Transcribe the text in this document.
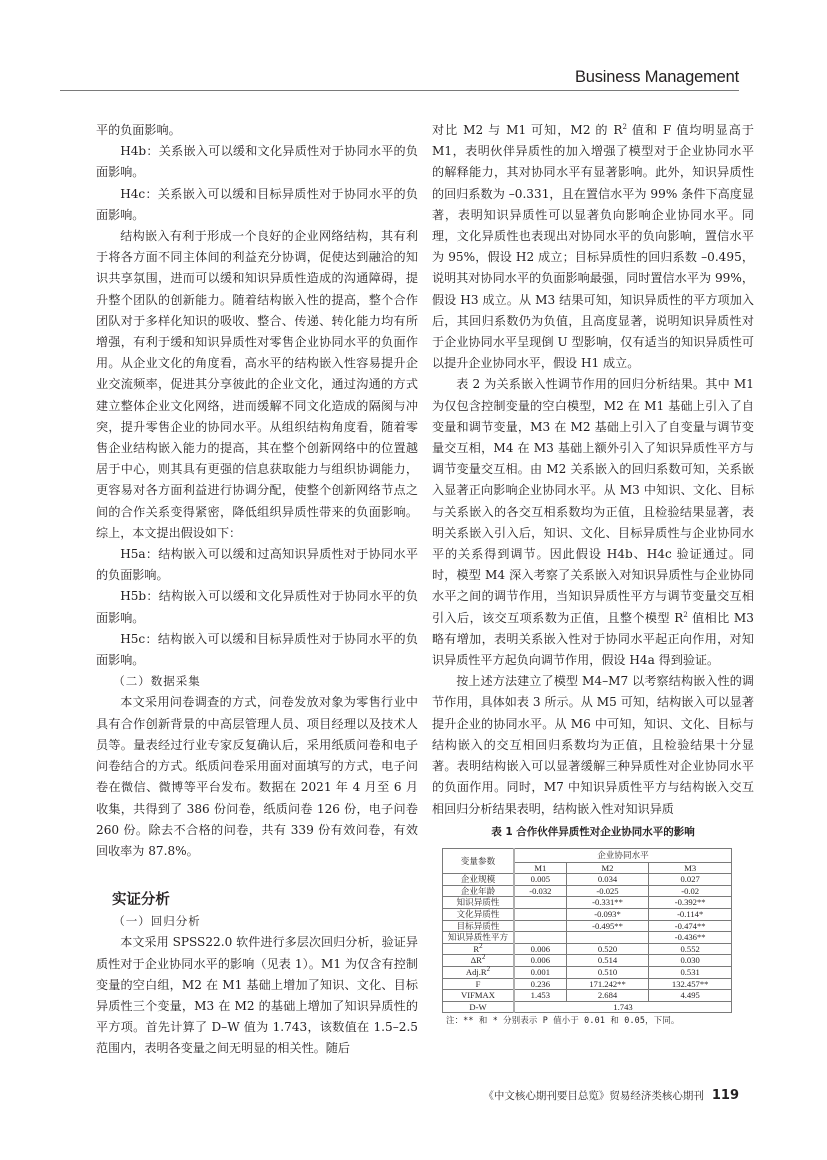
Business Management

平的负面影响。

H4b：关系嵌入可以缓和文化异质性对于协同水平的负面影响。

H4c：关系嵌入可以缓和目标异质性对于协同水平的负面影响。

结构嵌入有利于形成一个良好的企业网络结构，其有利于将各方面不同主体间的利益充分协调，促使达到融洽的知识共享氛围，进而可以缓和知识异质性造成的沟通障碍，提升整个团队的创新能力。随着结构嵌入性的提高，整个合作团队对于多样化知识的吸收、整合、传递、转化能力均有所增强，有利于缓和知识异质性对零售企业协同水平的负面作用。从企业文化的角度看，高水平的结构嵌入性容易提升企业交流频率，促进其分享彼此的企业文化，通过沟通的方式建立整体企业文化网络，进而缓解不同文化造成的隔阂与冲突，提升零售企业的协同水平。从组织结构角度看，随着零售企业结构嵌入能力的提高，其在整个创新网络中的位置越居于中心，则其具有更强的信息获取能力与组织协调能力，更容易对各方面利益进行协调分配，使整个创新网络节点之间的合作关系变得紧密，降低组织异质性带来的负面影响。综上，本文提出假设如下：

H5a：结构嵌入可以缓和过高知识异质性对于协同水平的负面影响。

H5b：结构嵌入可以缓和文化异质性对于协同水平的负面影响。

H5c：结构嵌入可以缓和目标异质性对于协同水平的负面影响。

（二）数据采集

本文采用问卷调查的方式，问卷发放对象为零售行业中具有合作创新背景的中高层管理人员、项目经理以及技术人员等。量表经过行业专家反复确认后，采用纸质问卷和电子问卷结合的方式。纸质问卷采用面对面填写的方式，电子问卷在微信、微博等平台发布。数据在 2021 年 4 月至 6 月收集，共得到了 386 份问卷，纸质问卷 126 份，电子问卷 260 份。除去不合格的问卷，共有 339 份有效问卷，有效回收率为 87.8%。

实证分析

（一）回归分析

本文采用 SPSS22.0 软件进行多层次回归分析，验证异质性对于企业协同水平的影响（见表 1）。M1 为仅含有控制变量的空白组，M2 在 M1 基础上增加了知识、文化、目标异质性三个变量，M3 在 M2 的基础上增加了知识异质性的平方项。首先计算了 D–W 值为 1.743，该数值在 1.5–2.5 范围内，表明各变量之间无明显的相关性。随后

对比 M2 与 M1 可知，M2 的 $R^2$ 值和 F 值均明显高于 M1，表明伙伴异质性的加入增强了模型对于企业协同水平的解释能力，其对协同水平有显著影响。此外，知识异质性的回归系数为 –0.331，且在置信水平为 99% 条件下高度显著，表明知识异质性可以显著负向影响企业协同水平。同理，文化异质性也表现出对协同水平的负向影响，置信水平为 95%，假设 H2 成立；目标异质性的回归系数 –0.495，说明其对协同水平的负面影响最强，同时置信水平为 99%，假设 H3 成立。从 M3 结果可知，知识异质性的平方项加入后，其回归系数仍为负值，且高度显著，说明知识异质性对于企业协同水平呈现倒 U 型影响，仅有适当的知识异质性可以提升企业协同水平，假设 H1 成立。

表 2 为关系嵌入性调节作用的回归分析结果。其中 M1 为仅包含控制变量的空白模型，M2 在 M1 基础上引入了自变量和调节变量，M3 在 M2 基础上引入了自变量与调节变量交互相，M4 在 M3 基础上额外引入了知识异质性平方与调节变量交互相。由 M2 关系嵌入的回归系数可知，关系嵌入显著正向影响企业协同水平。从 M3 中知识、文化、目标与关系嵌入的各交互相系数均为正值，且检验结果显著，表明关系嵌入引入后，知识、文化、目标异质性与企业协同水平的关系得到调节。因此假设 H4b、H4c 验证通过。同时，模型 M4 深入考察了关系嵌入对知识异质性与企业协同水平之间的调节作用，当知识异质性平方与调节变量交互相引入后，该交互项系数为正值，且整个模型 $R^2$ 值相比 M3 略有增加，表明关系嵌入性对于协同水平起正向作用，对知识异质性平方起负向调节作用，假设 H4a 得到验证。

按上述方法建立了模型 M4–M7 以考察结构嵌入性的调节作用，具体如表 3 所示。从 M5 可知，结构嵌入可以显著提升企业的协同水平。从 M6 中可知，知识、文化、目标与结构嵌入的交互相回归系数均为正值，且检验结果十分显著。表明结构嵌入可以显著缓解三种异质性对企业协同水平的负面作用。同时，M7 中知识异质性平方与结构嵌入交互相回归分析结果表明，结构嵌入性对知识异质

表 1 合作伙伴异质性对企业协同水平的影响
变量参数	企业协同水平		
	M1	M2	M3
企业规模	0.005	0.034	0.027
企业年龄	-0.032	-0.025	-0.02
知识异质性		-0.331**	-0.392**
文化异质性		-0.093*	-0.114*
目标异质性		-0.495**	-0.474**
知识异质性平方			-0.436**
$R^2$	0.006	0.520	0.552
$\Delta R^2$	0.006	0.514	0.030
$Adj.R^2$	0.001	0.510	0.531
F	0.236	171.242**	132.457**
VIFMAX	1.453	2.684	4.495
D-W	1.743		
注：** 和 * 分别表示 P 值小于 0.01 和 0.05，下同。
《中文核心期刊要目总览》贸易经济类核心期刊 119
